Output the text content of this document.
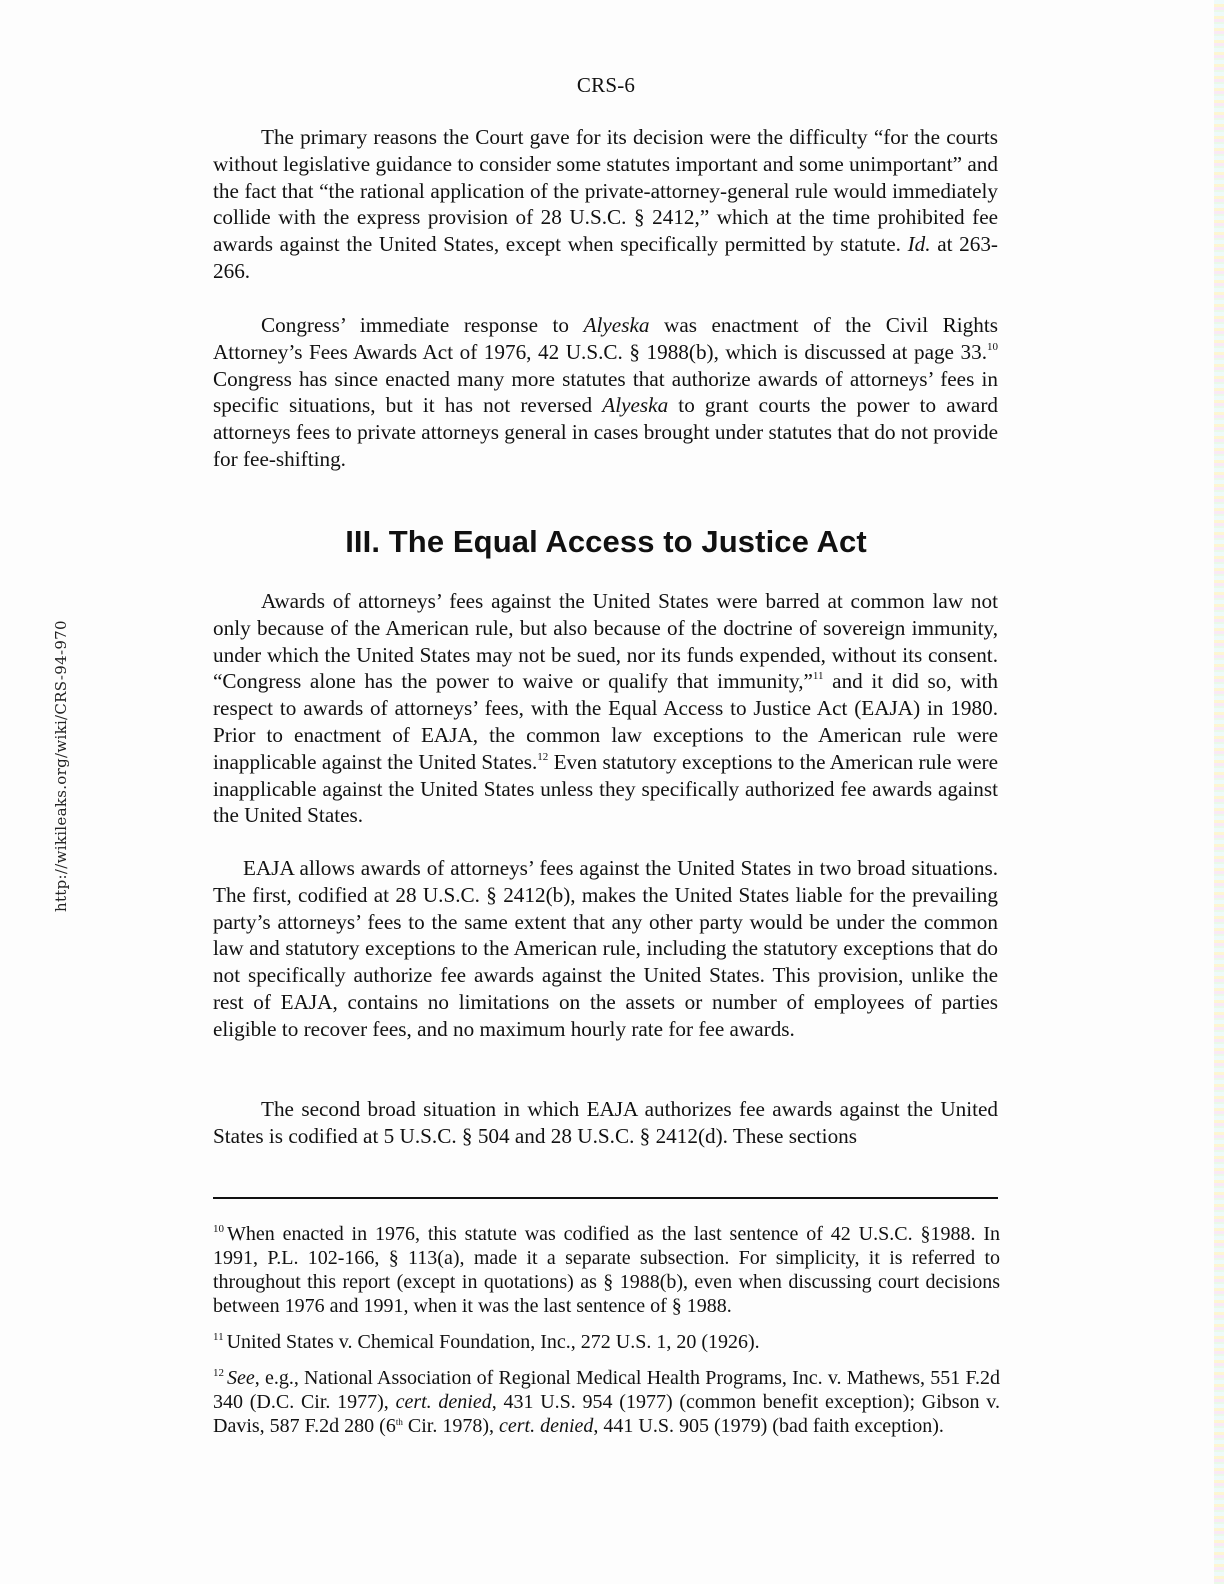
CRS-6
http://wikileaks.org/wiki/CRS-94-970

The primary reasons the Court gave for its decision were the difficulty “for the courts without legislative guidance to consider some statutes important and some unimportant” and the fact that “the rational application of the private-attorney-general rule would immediately collide with the express provision of 28 U.S.C. § 2412,” which at the time prohibited fee awards against the United States, except when specifically permitted by statute. Id. at 263-266.

Congress’ immediate response to Alyeska was enactment of the Civil Rights Attorney’s Fees Awards Act of 1976, 42 U.S.C. § 1988(b), which is discussed at page 33.10 Congress has since enacted many more statutes that authorize awards of attorneys’ fees in specific situations, but it has not reversed Alyeska to grant courts the power to award attorneys fees to private attorneys general in cases brought under statutes that do not provide for fee-shifting.

III. The Equal Access to Justice Act

Awards of attorneys’ fees against the United States were barred at common law not only because of the American rule, but also because of the doctrine of sovereign immunity, under which the United States may not be sued, nor its funds expended, without its consent. “Congress alone has the power to waive or qualify that immunity,”$^{11}$ and it did so, with respect to awards of attorneys’ fees, with the Equal Access to Justice Act (EAJA) in 1980. Prior to enactment of EAJA, the common law exceptions to the American rule were inapplicable against the United States.$^{12}$ Even statutory exceptions to the American rule were inapplicable against the United States unless they specifically authorized fee awards against the United States.

EAJA allows awards of attorneys’ fees against the United States in two broad situations. The first, codified at 28 U.S.C. § 2412(b), makes the United States liable for the prevailing party’s attorneys’ fees to the same extent that any other party would be under the common law and statutory exceptions to the American rule, including the statutory exceptions that do not specifically authorize fee awards against the United States. This provision, unlike the rest of EAJA, contains no limitations on the assets or number of employees of parties eligible to recover fees, and no maximum hourly rate for fee awards.

The second broad situation in which EAJA authorizes fee awards against the United States is codified at 5 U.S.C. § 504 and 28 U.S.C. § 2412(d). These sections

$^{10}$ When enacted in 1976, this statute was codified as the last sentence of 42 U.S.C. §1988. In 1991, P.L. 102-166, § 113(a), made it a separate subsection. For simplicity, it is referred to throughout this report (except in quotations) as § 1988(b), even when discussing court decisions between 1976 and 1991, when it was the last sentence of § 1988.

$^{11}$ United States v. Chemical Foundation, Inc., 272 U.S. 1, 20 (1926).

$^{12}$ See, e.g., National Association of Regional Medical Health Programs, Inc. v. Mathews, 551 F.2d 340 (D.C. Cir. 1977), cert. denied, 431 U.S. 954 (1977) (common benefit exception); Gibson v. Davis, 587 F.2d 280 (6th Cir. 1978), cert. denied, 441 U.S. 905 (1979) (bad faith exception).
